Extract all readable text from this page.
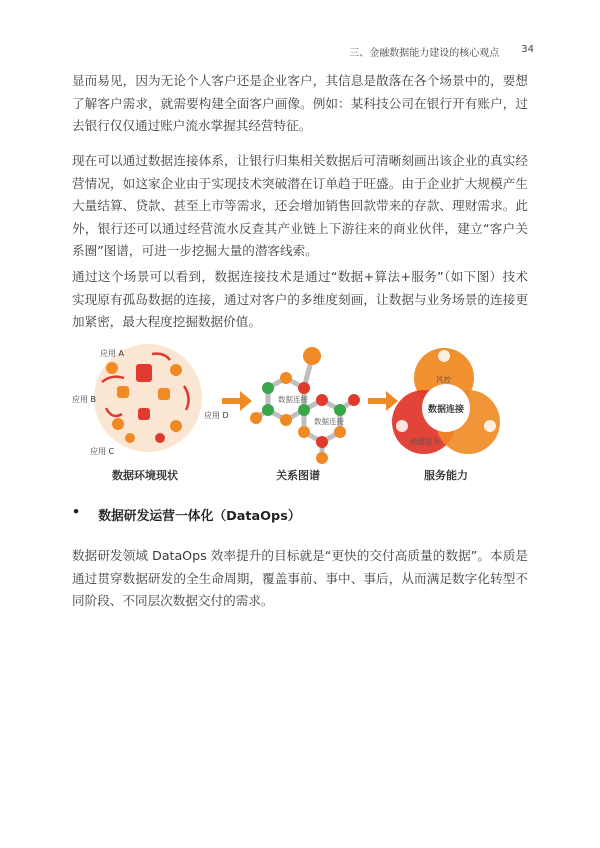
三、金融数据能力建设的核心观点 34

显而易见，因为无论个人客户还是企业客户，其信息是散落在各个场景中的，要想了解客户需求，就需要构建全面客户画像。例如：某科技公司在银行开有账户，过去银行仅仅通过账户流水掌握其经营特征。

现在可以通过数据连接体系，让银行归集相关数据后可清晰刻画出该企业的真实经营情况，如这家企业由于实现技术突破潜在订单趋于旺盛。由于企业扩大规模产生大量结算、贷款、甚至上市等需求，还会增加销售回款带来的存款、理财需求。此外，银行还可以通过经营流水反查其产业链上下游往来的商业伙伴，建立“客户关系圈”图谱，可进一步挖掘大量的潜客线索。

通过这个场景可以看到，数据连接技术是通过“数据+算法+服务”（如下图）技术实现原有孤岛数据的连接，通过对客户的多维度刻画，让数据与业务场景的连接更加紧密，最大程度挖掘数据价值。

应用 A
应用 B
应用 C
应用 D
数据环境现状
数据连接
数据连接
关系图谱
数据连接
风控
画像服务
服务能力
• 数据研发运营一体化（DataOps）

数据研发领域 DataOps 效率提升的目标就是“更快的交付高质量的数据”。本质是通过贯穿数据研发的全生命周期，覆盖事前、事中、事后，从而满足数字化转型不同阶段、不同层次数据交付的需求。
